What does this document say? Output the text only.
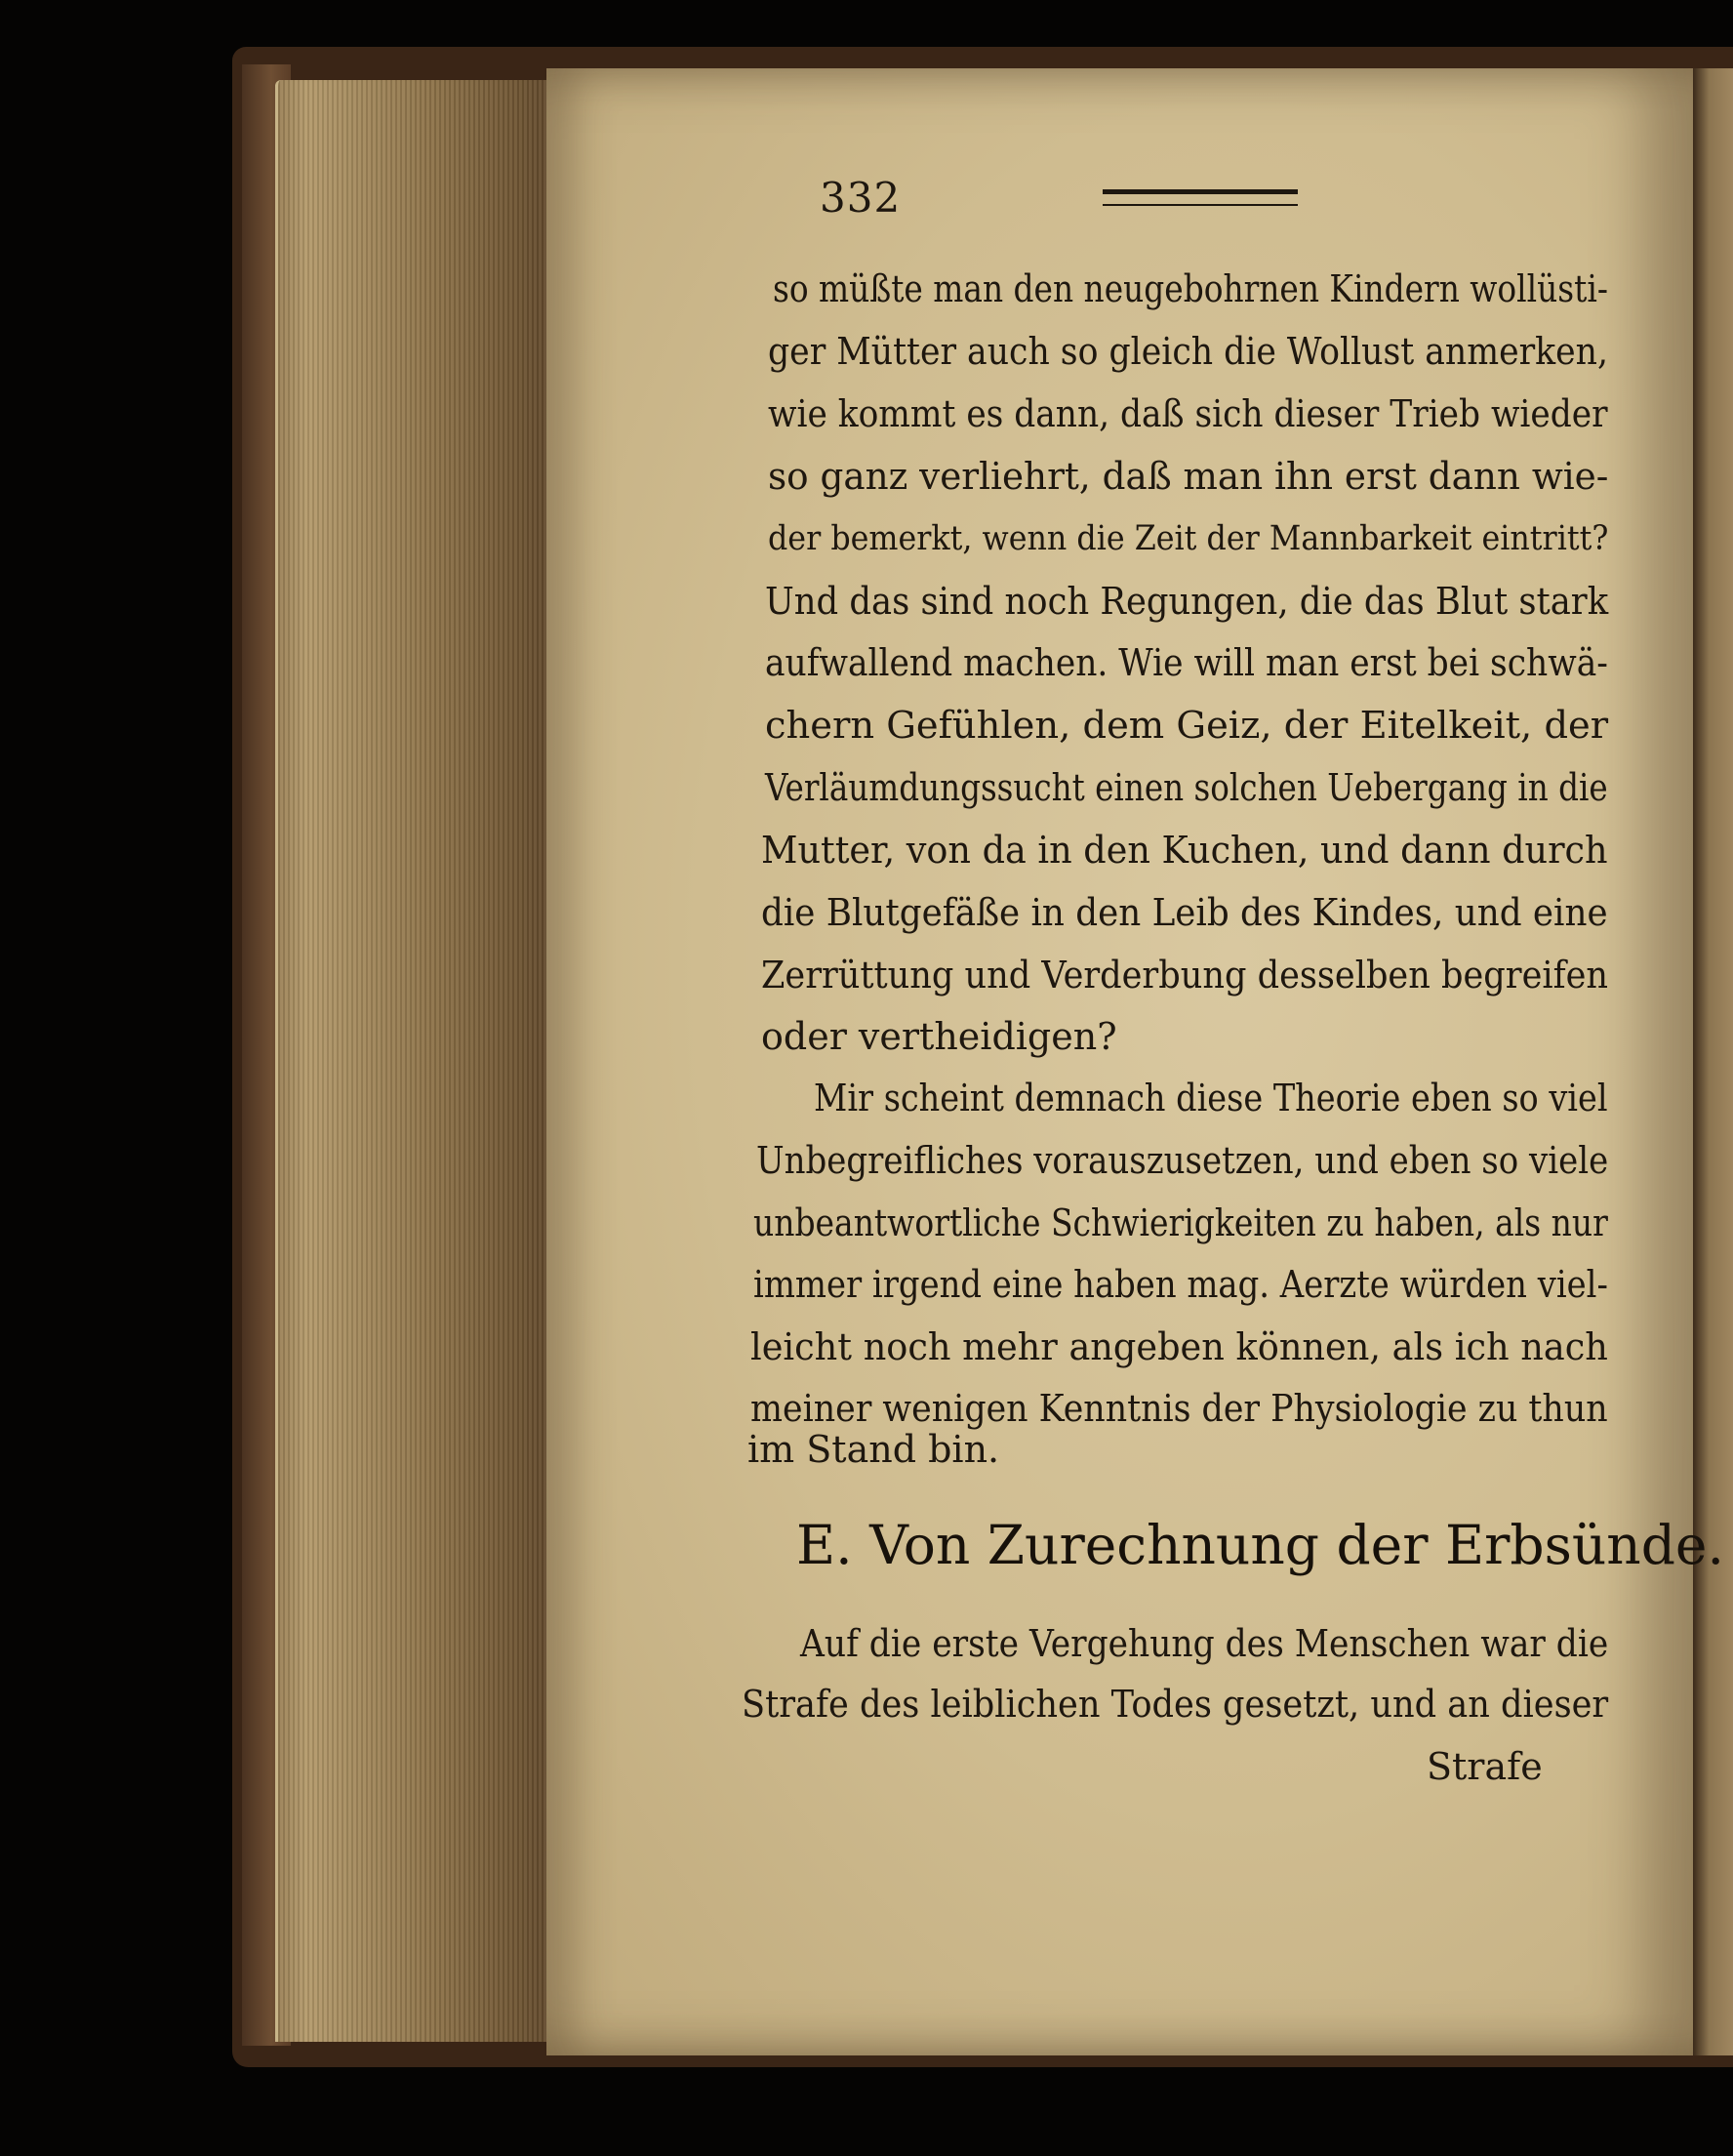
332
so müßte man den neugebohrnen Kindern wollüsti-
ger Mütter auch so gleich die Wollust anmerken,
wie kommt es dann, daß sich dieser Trieb wieder
so ganz verliehrt, daß man ihn erst dann wie-
der bemerkt, wenn die Zeit der Mannbarkeit eintritt?
Und das sind noch Regungen, die das Blut stark
aufwallend machen. Wie will man erst bei schwä-
chern Gefühlen, dem Geiz, der Eitelkeit, der
Verläumdungssucht einen solchen Uebergang in die
Mutter, von da in den Kuchen, und dann durch
die Blutgefäße in den Leib des Kindes, und eine
Zerrüttung und Verderbung desselben begreifen
oder vertheidigen?
Mir scheint demnach diese Theorie eben so viel
Unbegreifliches vorauszusetzen, und eben so viele
unbeantwortliche Schwierigkeiten zu haben, als nur
immer irgend eine haben mag. Aerzte würden viel-
leicht noch mehr angeben können, als ich nach
meiner wenigen Kenntnis der Physiologie zu thun
im Stand bin.
E. Von Zurechnung der Erbsünde.
Auf die erste Vergehung des Menschen war die
Strafe des leiblichen Todes gesetzt, und an dieser
Strafe
